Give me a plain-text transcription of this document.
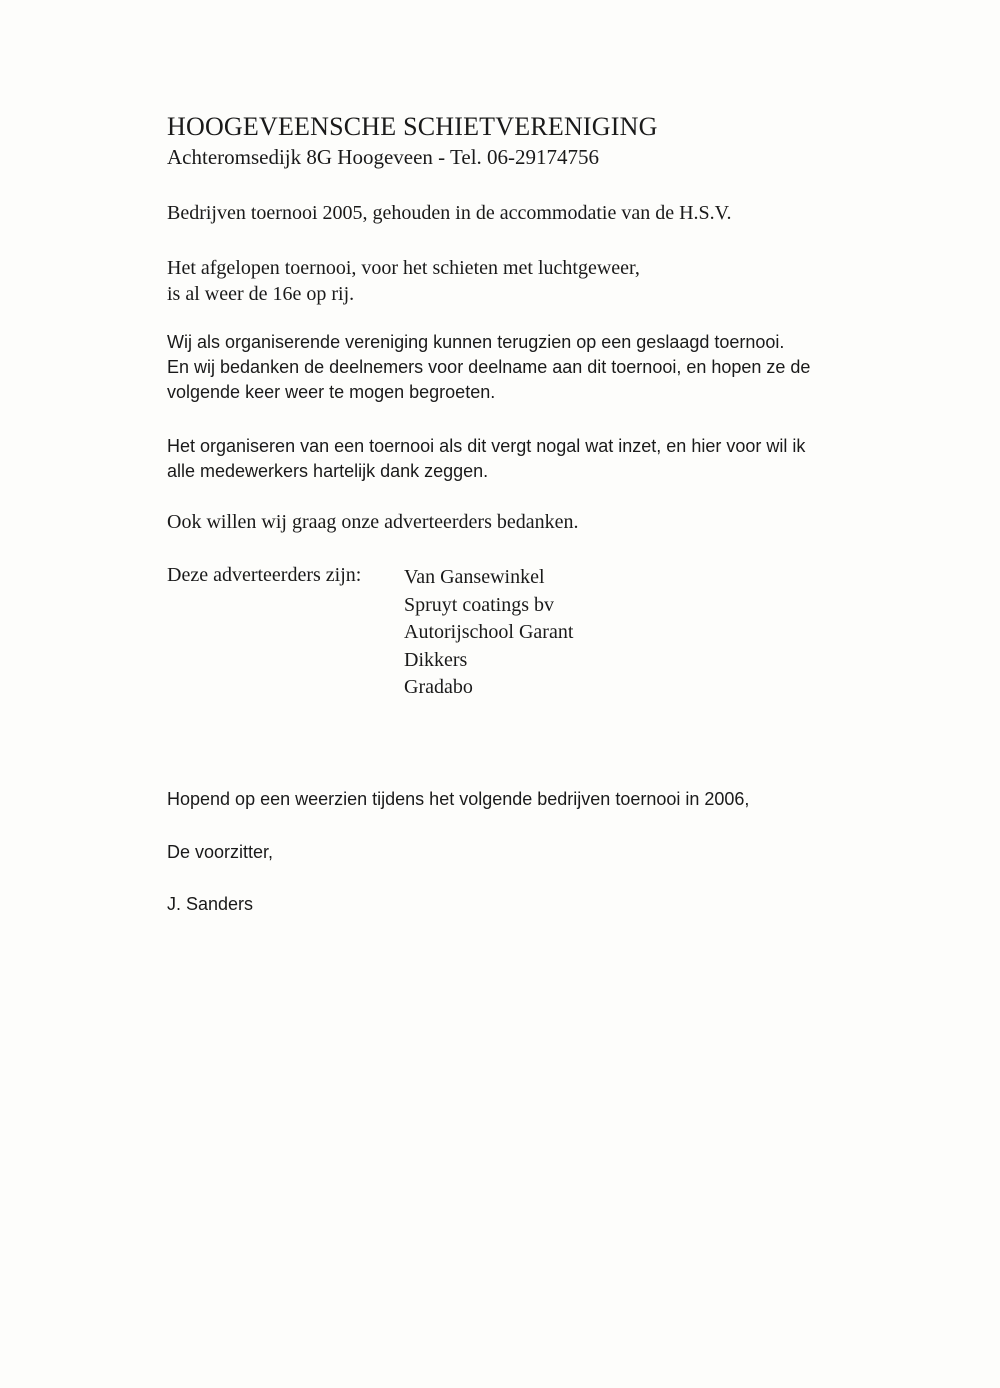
HOOGEVEENSCHE SCHIETVERENIGING
Achteromsedijk 8G Hoogeveen - Tel. 06-29174756
Bedrijven toernooi 2005, gehouden in de accommodatie van de H.S.V.
Het afgelopen toernooi, voor het schieten met luchtgeweer,
is al weer de 16e op rij.
Wij als organiserende vereniging kunnen terugzien op een geslaagd toernooi.
En wij bedanken de deelnemers voor deelname aan dit toernooi, en hopen ze de
volgende keer weer te mogen begroeten.
Het organiseren van een toernooi als dit vergt nogal wat inzet, en hier voor wil ik
alle medewerkers hartelijk dank zeggen.
Ook willen wij graag onze adverteerders bedanken.
Deze adverteerders zijn: Van Gansewinkel
Spruyt coatings bv
Autorijschool Garant
Dikkers
Gradabo
Hopend op een weerzien tijdens het volgende bedrijven toernooi in 2006,
De voorzitter,
J. Sanders
